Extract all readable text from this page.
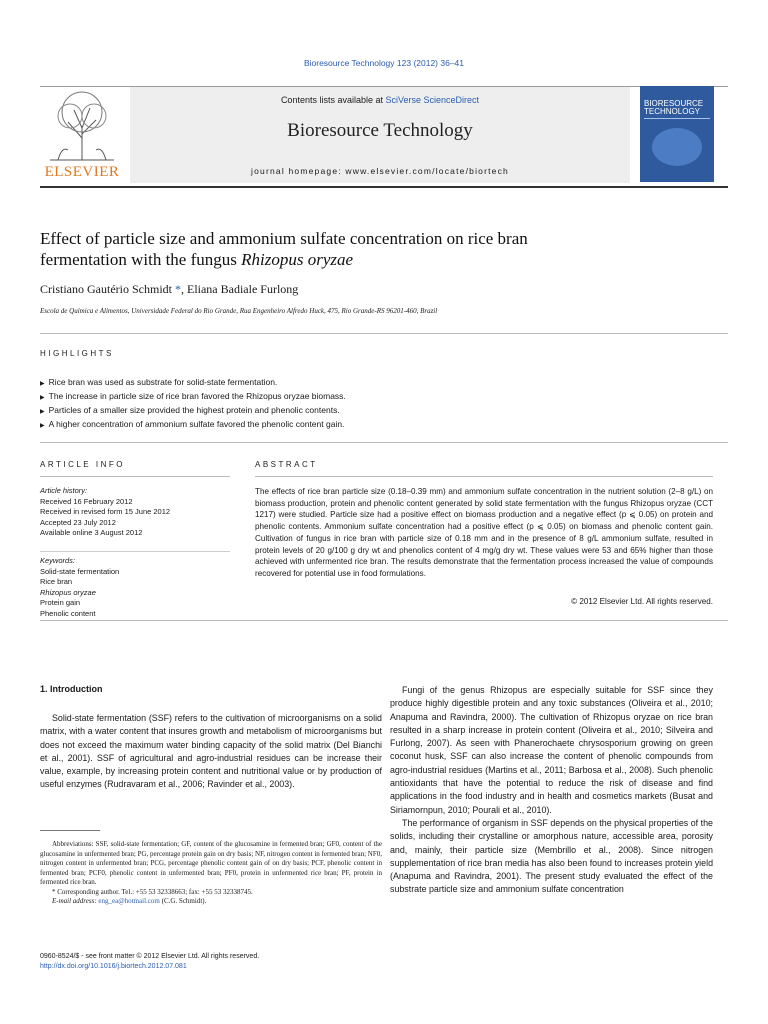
Bioresource Technology 123 (2012) 36–41
ELSEVIER
Contents lists available at SciVerse ScienceDirect
Bioresource Technology
journal homepage: www.elsevier.com/locate/biortech
BIORESOURCE TECHNOLOGY
Effect of particle size and ammonium sulfate concentration on rice bran
fermentation with the fungus Rhizopus oryzae
Cristiano Gautério Schmidt *, Eliana Badiale Furlong
Escola de Química e Alimentos, Universidade Federal do Rio Grande, Rua Engenheiro Alfredo Huck, 475, Rio Grande-RS 96201-460, Brazil
HIGHLIGHTS
▶ Rice bran was used as substrate for solid-state fermentation.
▶ The increase in particle size of rice bran favored the Rhizopus oryzae biomass.
▶ Particles of a smaller size provided the highest protein and phenolic contents.
▶ A higher concentration of ammonium sulfate favored the phenolic content gain.
ARTICLE INFO	ABSTRACT
Article history:
Received 16 February 2012
Received in revised form 15 June 2012
Accepted 23 July 2012
Available online 3 August 2012
Keywords:
Solid-state fermentation
Rice bran
Rhizopus oryzae
Protein gain
Phenolic content
The effects of rice bran particle size (0.18–0.39 mm) and ammonium sulfate concentration in the nutrient solution (2–8 g/L) on biomass production, protein and phenolic content generated by solid state fermentation with the fungus Rhizopus oryzae (CCT 1217) were studied. Particle size had a positive effect on biomass production and a negative effect (p ⩽ 0.05) on protein and phenolic contents. Ammonium sulfate concentration had a positive effect (p ⩽ 0.05) on biomass and phenolic content gain. Cultivation of fungus in rice bran with particle size of 0.18 mm and in the presence of 8 g/L ammonium sulfate, resulted in protein levels of 20 g/100 g dry wt and phenolics content of 4 mg/g dry wt. These values were 53 and 65% higher than those achieved with unfermented rice bran. The results demonstrate that the fermentation process increased the value of compounds recovered for potential use in food formulations.
© 2012 Elsevier Ltd. All rights reserved.
1. Introduction

Solid-state fermentation (SSF) refers to the cultivation of microorganisms on a solid matrix, with a water content that insures growth and metabolism of microorganisms but does not exceed the maximum water binding capacity of the solid matrix (Del Bianchi et al., 2001). SSF of agricultural and agro-industrial residues can be increase their value, example, by increasing protein content and nutritional value or by production of useful enzymes (Rudravaram et al., 2006; Ravinder et al., 2003).

Fungi of the genus Rhizopus are especially suitable for SSF since they produce highly digestible protein and any toxic substances (Oliveira et al., 2010; Anapuma and Ravindra, 2000). The cultivation of Rhizopus oryzae on rice bran resulted in a sharp increase in protein content (Oliveira et al., 2010; Silveira and Furlong, 2007). As seen with Phanerochaete chrysosporium growing on green coconut husk, SSF can also increase the content of phenolic compounds from agro-industrial residues (Martins et al., 2011; Barbosa et al., 2008). Such phenolic antioxidants that have the potential to reduce the risk of disease and find applications in the food industry and in health and cosmetics markets (Busat and Siriamornpun, 2010; Pourali et al., 2010).

The performance of organism in SSF depends on the physical properties of the solids, including their crystalline or amorphous nature, accessible area, porosity and, mainly, their particle size (Membrillo et al., 2008). Since nitrogen supplementation of rice bran media has also been found to increases protein yield (Anapuma and Ravindra, 2001). The present study evaluated the effect of the substrate particle size and ammonium sulfate concentration

Abbreviations: SSF, solid-state fermentation; GF, content of the glucosamine in fermented bran; GF0, content of the glucosamine in unfermented bran; PG, percentage protein gain on dry basis; NF, nitrogen content in fermented bran; NF0, nitrogen content in unfermented bran; PCG, percentage phenolic content gain of on dry basis; PCF, phenolic content in fermented bran; PCF0, phenolic content in unfermented bran; PF0, protein in unfermented rice bran; PF, protein in fermented rice bran.

* Corresponding author. Tel.: +55 53 32338663; fax: +55 53 32338745.

E-mail address: eng_ea@hotmail.com (C.G. Schmidt).

0960-8524/$ - see front matter © 2012 Elsevier Ltd. All rights reserved.
http://dx.doi.org/10.1016/j.biortech.2012.07.081
